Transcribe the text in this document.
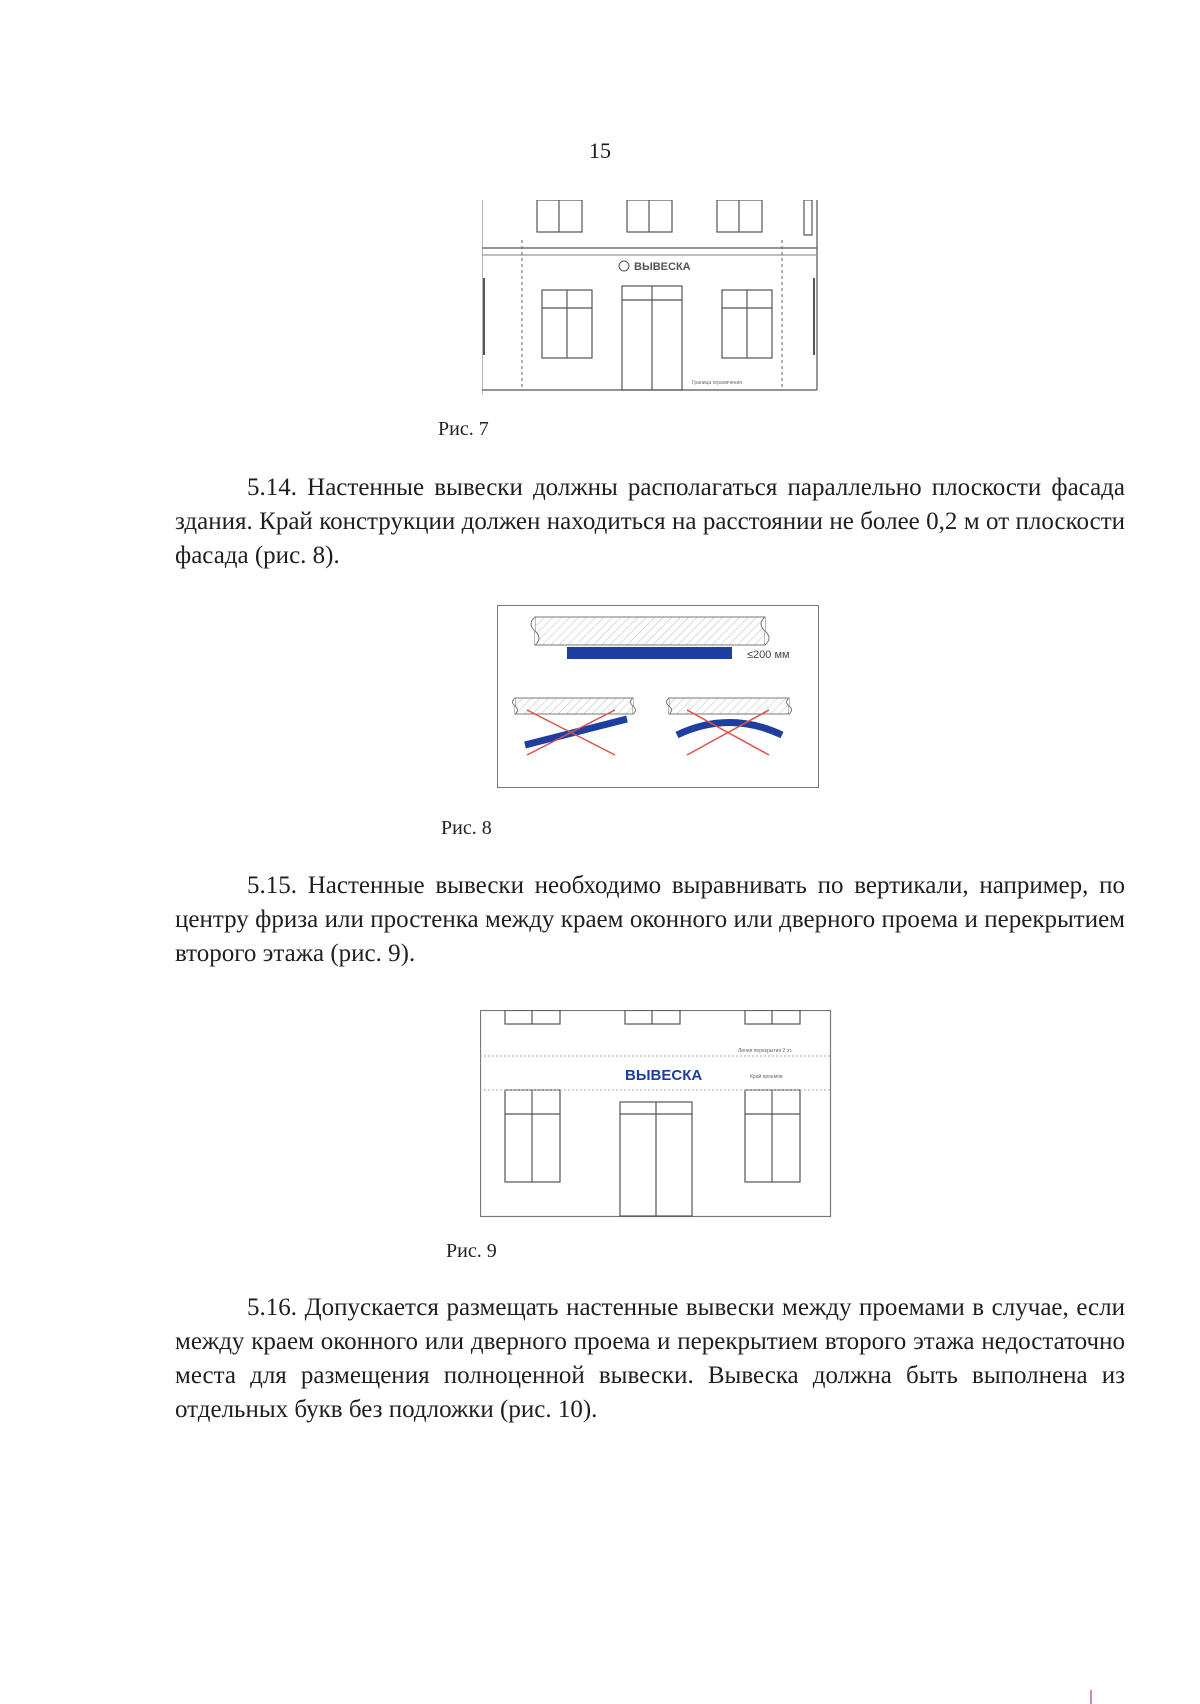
15
ВЫВЕСКА
Граница ограничения
Рис. 7
5.14. Настенные вывески должны располагаться параллельно плоскости фасада здания. Край конструкции должен находиться на расстоянии не более 0,2 м от плоскости фасада (рис. 8).
≤200 мм
Рис. 8
5.15. Настенные вывески необходимо выравнивать по вертикали, например, по центру фриза или простенка между краем оконного или дверного проема и перекрытием второго этажа (рис. 9).
ВЫВЕСКА
Линия перекрытия 2 эт.
Край проемов
Рис. 9
5.16. Допускается размещать настенные вывески между проемами в случае, если между краем оконного или дверного проема и перекрытием второго этажа недостаточно места для размещения полноценной вывески. Вывеска должна быть выполнена из отдельных букв без подложки (рис. 10).
